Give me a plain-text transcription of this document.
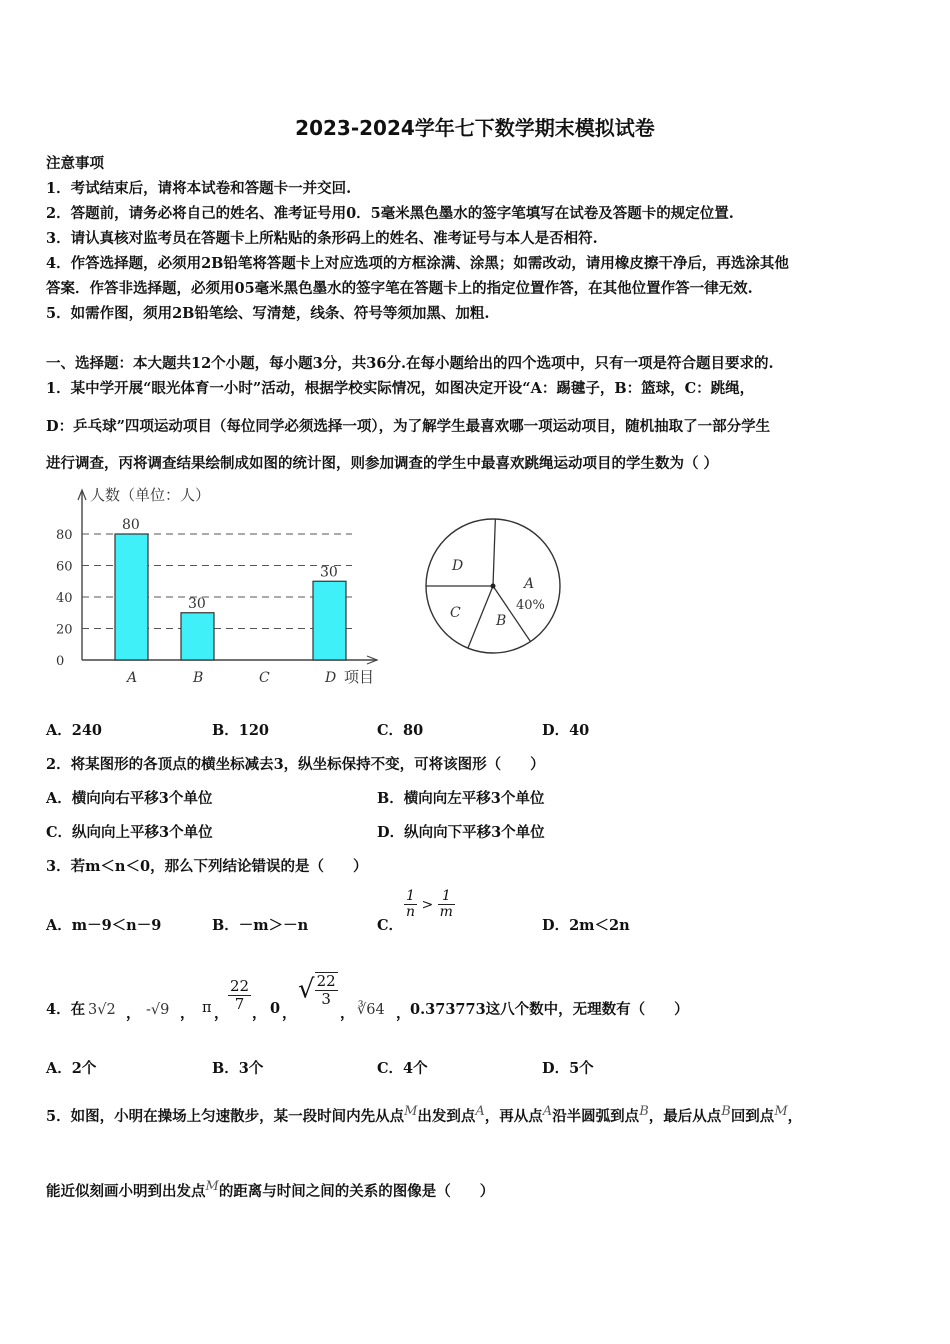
2023-2024学年七下数学期末模拟试卷
注意事项
1．考试结束后，请将本试卷和答题卡一并交回.
2．答题前，请务必将自己的姓名、准考证号用0．5毫米黑色墨水的签字笔填写在试卷及答题卡的规定位置.
3．请认真核对监考员在答题卡上所粘贴的条形码上的姓名、准考证号与本人是否相符.
4．作答选择题，必须用2B铅笔将答题卡上对应选项的方框涂满、涂黑；如需改动，请用橡皮擦干净后，再选涂其他
答案．作答非选择题，必须用05毫米黑色墨水的签字笔在答题卡上的指定位置作答，在其他位置作答一律无效.
5．如需作图，须用2B铅笔绘、写清楚，线条、符号等须加黑、加粗.
一、选择题：本大题共12个小题，每小题3分，共36分.在每小题给出的四个选项中，只有一项是符合题目要求的.
1．某中学开展“眼光体育一小时”活动，根据学校实际情况，如图决定开设“A：踢毽子，B：篮球，C：跳绳，
D：乒乓球”四项运动项目（每位同学必须选择一项），为了解学生最喜欢哪一项运动项目，随机抽取了一部分学生
进行调查，丙将调查结果绘制成如图的统计图，则参加调查的学生中最喜欢跳绳运动项目的学生数为（ ）
人数（单位：人）
项目
0
20
40
60
80
A
80
B
30
C	D
30
A
B
C
D
40%
A．240	B．120	C．80	D．40
2．将某图形的各顶点的横坐标减去3，纵坐标保持不变，可将该图形（　　）
A．横向向右平移3个单位	B．横向向左平移3个单位
C．纵向向上平移3个单位	D．纵向向下平移3个单位
3．若m＜n＜0，那么下列结论错误的是（　　）
A．m－9＜n－9	B．－m＞－n	C．
$\frac{1}{n} > \frac{1}{m}$
D．2m＜2n
4．在 3√2 -√9 π $\frac{22}{7} 0$
√ $\frac{22}{3}$
∛64 0.373773这八个数中，无理数有（　　）
，	， ， ， ，	，	，
A．2个	B．3个	C．4个	D．5个
5．如图，小明在操场上匀速散步，某一段时间内先从点M出发到点A，再从点A沿半圆弧到点B，最后从点B回到点M，
能近似刻画小明到出发点M的距离与时间之间的关系的图像是（　　）
